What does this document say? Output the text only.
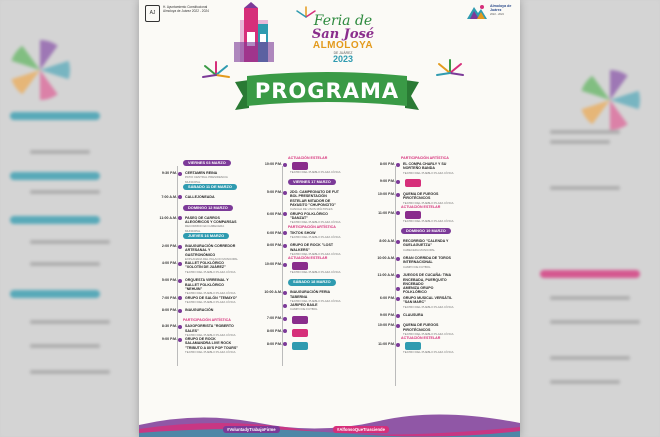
AJ
H. Ayuntamiento Constitucional Almoloya de Juárez 2022 - 2024
Almoloya de Juárez
2022 - 2024
Feria de
San José
ALMOLOYA
DE JUÁREZ
2023
PROGRAMA
VIERNES 03 MARZO
9:30 P.M. CERTAMEN REINA
PATIO CENTRAL PRESIDENCIA MUNICIPAL
SÁBADO 11 DE MARZO
7:00 A.M. CALLEJONEADA
DOMINGO 12 MARZO
11:00 A.M. PASEO DE CARROS ALEGÓRICOS Y COMPARSAS
RECORRIDO EN CABECERA MUNICIPAL
JUEVES 16 MARZO
2:00 P.M. INAUGURACIÓN CORREDOR ARTESANAL Y GASTRONÓMICO
EXPLANADA DEL PALACIO MUNICIPAL
4:00 P.M. BALLET FOLKLÓRICO "XOLOTÍN DE JUÁREZ"
TEATRO DEL PUEBLO PLAZA CÍVICA
5:00 P.M. ORQUESTA VIRREINAL Y BALLET FOLKLÓRICO "NEHUIN"
TEATRO DEL PUEBLO PLAZA CÍVICA
7:00 P.M. GRUPO DE SALÓN "TEMAYO"
TEATRO DEL PUEBLO PLAZA CÍVICA
8:00 P.M. INAUGURACIÓN
PARTICIPACIÓN ARTÍSTICA
8:30 P.M. SAXOFORRISTA "ROBERTO SALES"
TEATRO DEL PUEBLO PLAZA CÍVICA
9:00 P.M. GRUPO DE ROCK SALAMANDRA LIVE ROCK "TRIBUTO A 80'S POP TOURS"
TEATRO DEL PUEBLO PLAZA CÍVICA
ACTUACIÓN ESTELAR
10:00 P.M.
TEATRO DEL PUEBLO PLAZA CÍVICA
VIERNES 17 MARZO
5:00 P.M. 2DO. CAMPEONATO DE FUT BOL PRESENTACIÓN ESTELAR MITADOR DE PAYASITO "CHUPONCITO"
CANCHA DE USOS MÚLTIPLES
6:00 P.M. GRUPO FOLKLÓRICO "DANZAT"
TEATRO DEL PUEBLO PLAZA CÍVICA
PARTICIPACIÓN ARTÍSTICA
6:00 P.M. TIKTOK SHOW
TEATRO DEL PUEBLO PLAZA CÍVICA
8:00 P.M. GRUPO DE ROCK "LOST WALKERS"
TEATRO DEL PUEBLO PLAZA CÍVICA
ACTUACIÓN ESTELAR
10:00 P.M.
TEATRO DEL PUEBLO PLAZA CÍVICA
SÁBADO 18 MARZO
10:00 A.M. INAUGURACIÓN FERIA TABERNA
TEATRO DEL PUEBLO PLAZA CÍVICA
JARIPEO BAILE
CAMPO DE FUTBOL
7:00 P.M.
8:00 P.M.
8:00 P.M.
PARTICIPACIÓN ARTÍSTICA
8:00 P.M. EL COMPA CHARLY Y SU NORTEÑO BANDA
TEATRO DEL PUEBLO PLAZA CÍVICA
9:00 P.M.
10:00 P.M. QUEMA DE FUEGOS PIROTÉCNICOS
TEATRO DEL PUEBLO PLAZA CÍVICA
ACTUACIÓN ESTELAR
11:00 P.M.
TEATRO DEL PUEBLO PLAZA CÍVICA
DOMINGO 19 MARZO
8:00 A.M. RECORRIDO "CALENDA Y GUELAGUETZA"
CABECERA MUNICIPAL
10:00 A.M. GRAN CORRIDA DE TOROS INTERNACIONAL
CAMPO DE FUTBOL
11:00 A.M. JUEGOS DE CUCAÑA: TINA ENCEBADA, PUERQUITO ENCEBADO
AMENIZA GRUPO FOLKLÓRICO
6:00 P.M. GRUPO MUSICAL VERSÁTIL "SAN MARC"
TEATRO DEL PUEBLO PLAZA CÍVICA
9:00 P.M. CLAUSURA
10:00 P.M. QUEMA DE FUEGOS PIROTÉCNICOS
TEATRO DEL PUEBLO PLAZA CÍVICA
ACTUACIÓN ESTELAR
11:00 P.M.
TEATRO DEL PUEBLO PLAZA CÍVICA
#VoluntadyTrabajoFirme	#AlfonsoQueTrasciende
